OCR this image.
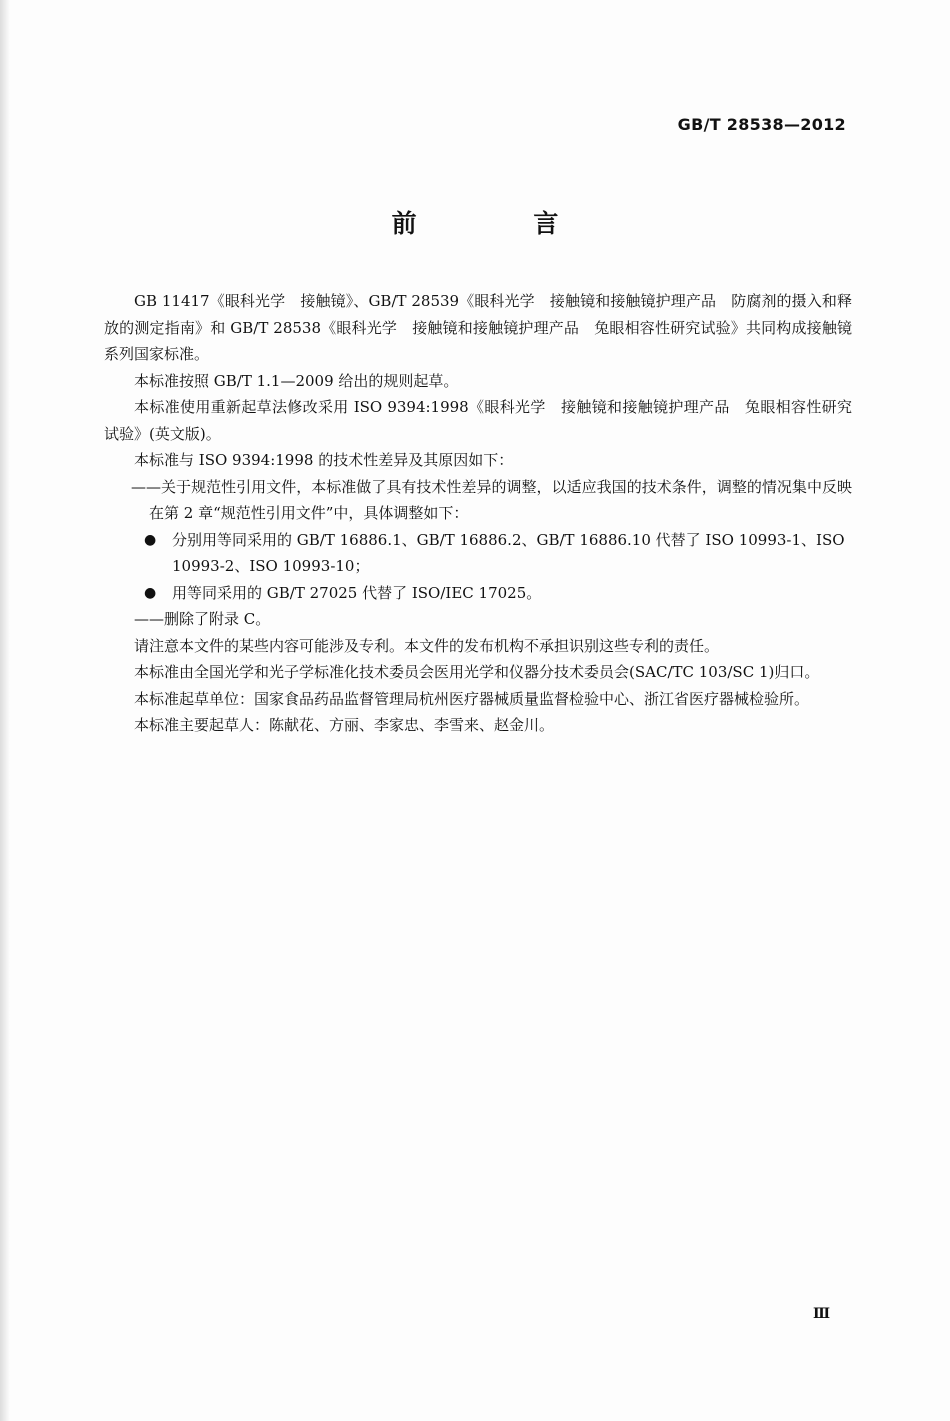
GB/T 28538—2012
前 言

GB 11417《眼科光学　接触镜》、GB/T 28539《眼科光学　接触镜和接触镜护理产品　防腐剂的摄入和释放的测定指南》和 GB/T 28538《眼科光学　接触镜和接触镜护理产品　兔眼相容性研究试验》共同构成接触镜系列国家标准。

本标准按照 GB/T 1.1—2009 给出的规则起草。

本标准使用重新起草法修改采用 ISO 9394:1998《眼科光学　接触镜和接触镜护理产品　兔眼相容性研究试验》(英文版)。

本标准与 ISO 9394:1998 的技术性差异及其原因如下：

——关于规范性引用文件，本标准做了具有技术性差异的调整，以适应我国的技术条件，调整的情况集中反映在第 2 章“规范性引用文件”中，具体调整如下：

● 分别用等同采用的 GB/T 16886.1、GB/T 16886.2、GB/T 16886.10 代替了 ISO 10993-1、ISO 10993-2、ISO 10993-10；

● 用等同采用的 GB/T 27025 代替了 ISO/IEC 17025。

——删除了附录 C。

请注意本文件的某些内容可能涉及专利。本文件的发布机构不承担识别这些专利的责任。

本标准由全国光学和光子学标准化技术委员会医用光学和仪器分技术委员会(SAC/TC 103/SC 1)归口。

本标准起草单位：国家食品药品监督管理局杭州医疗器械质量监督检验中心、浙江省医疗器械检验所。

本标准主要起草人：陈献花、方丽、李家忠、李雪来、赵金川。

Ⅲ
